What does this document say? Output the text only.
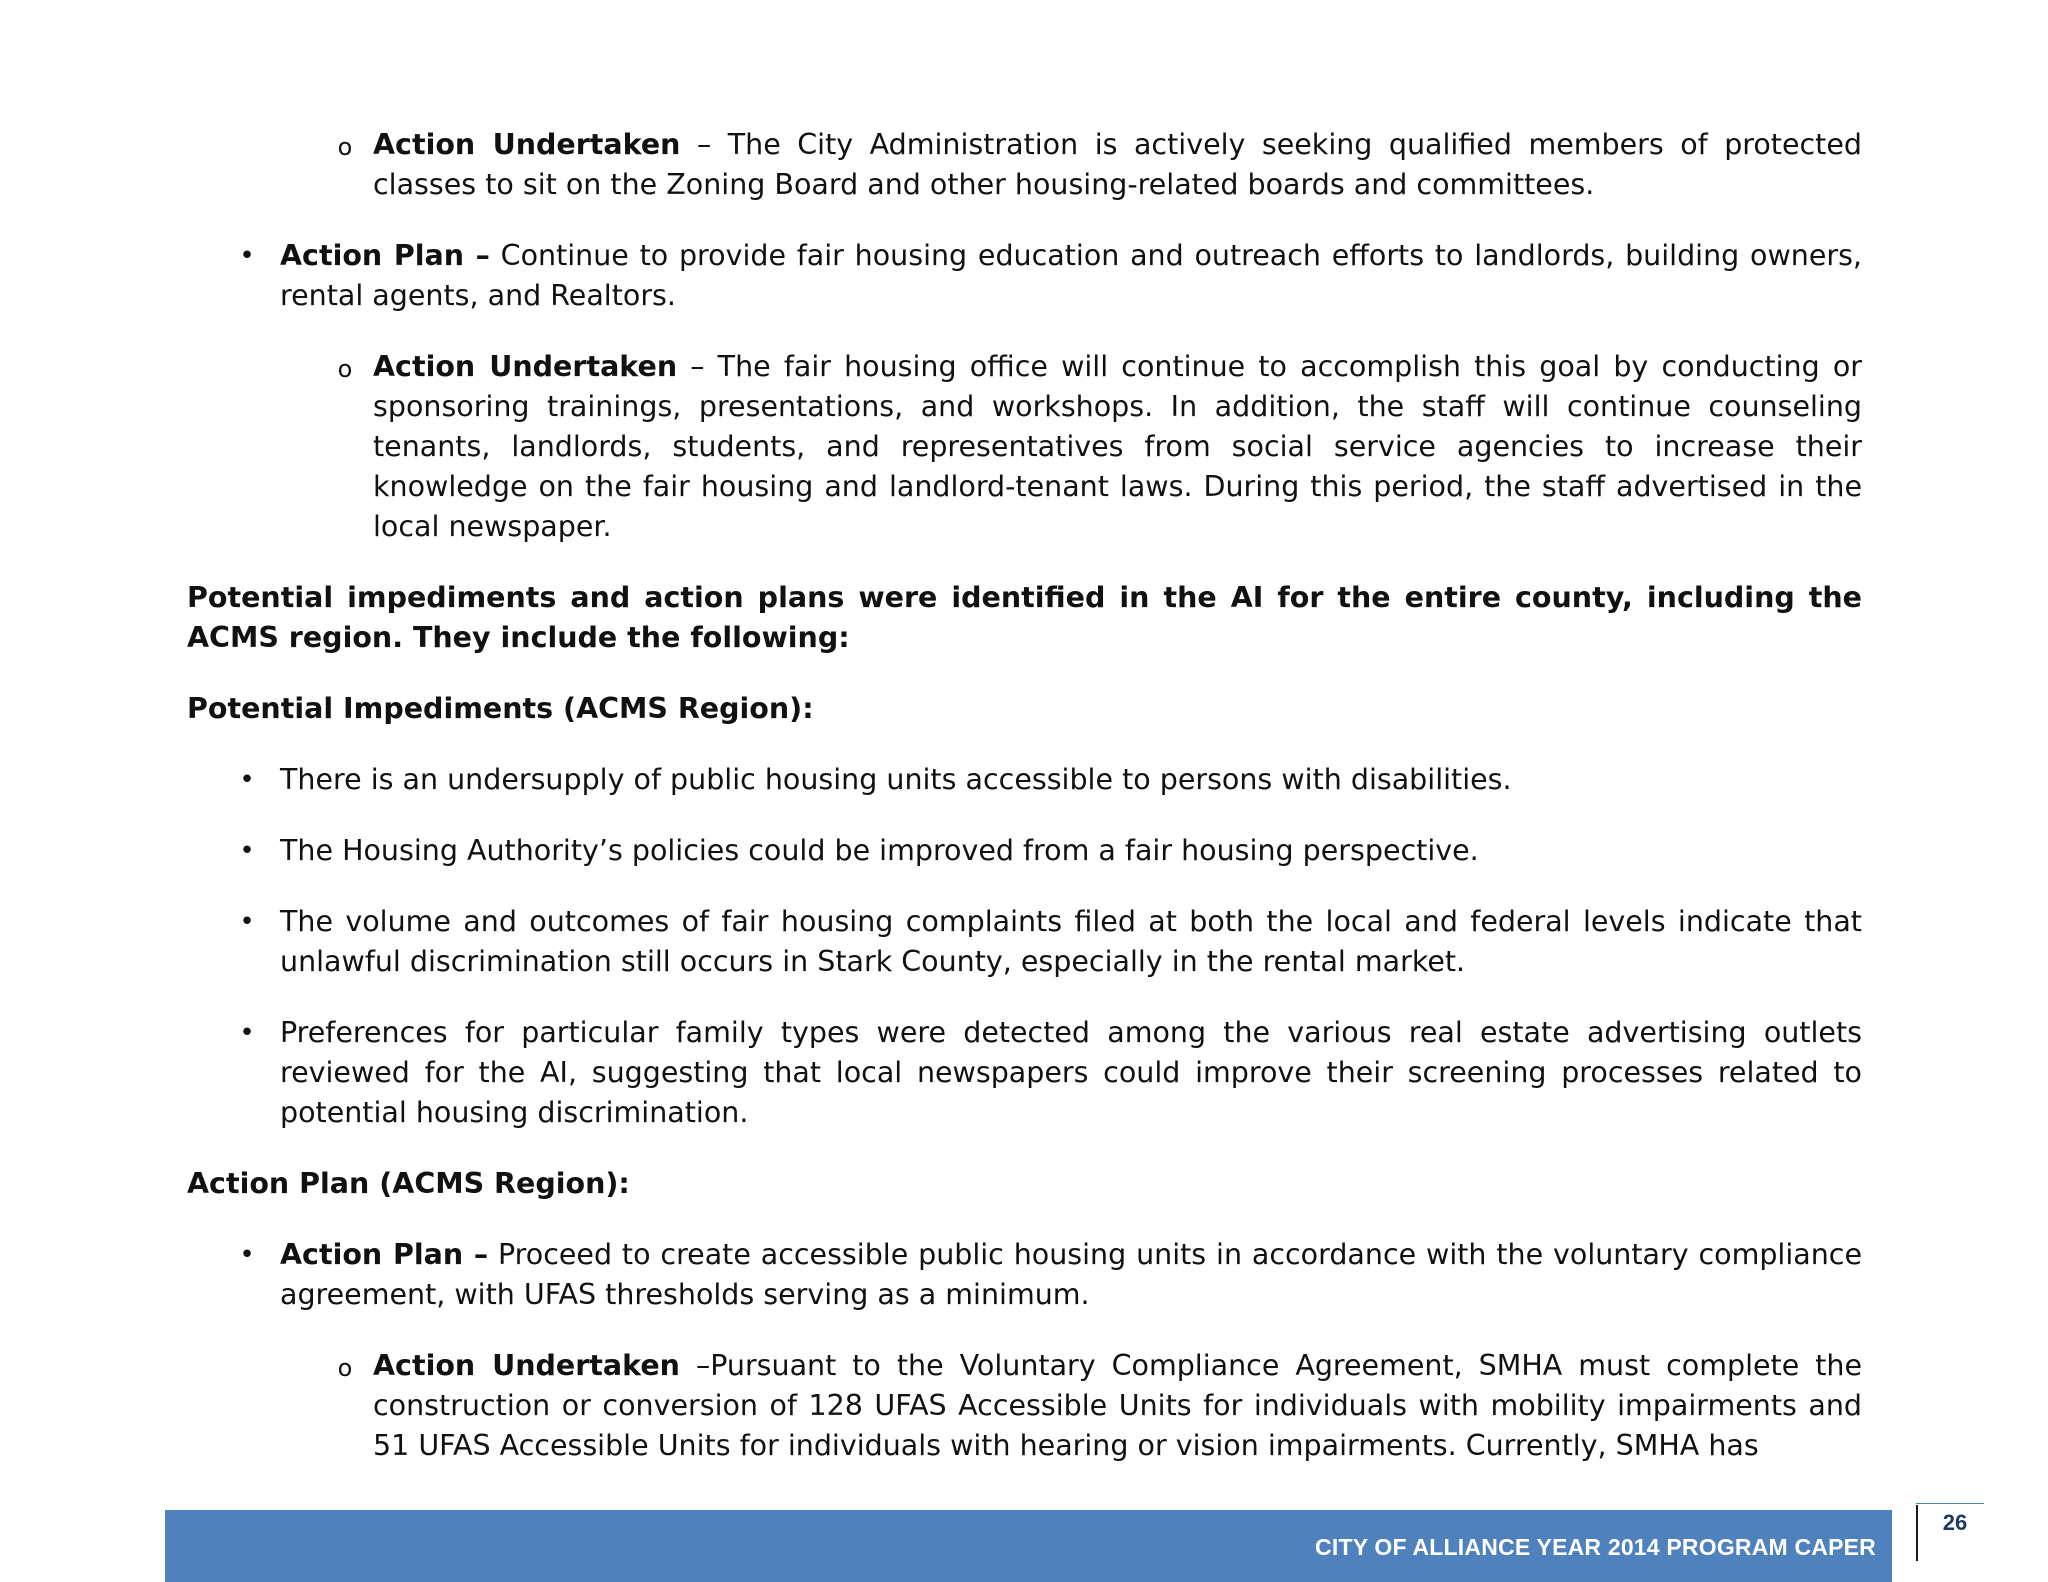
o Action Undertaken – The City Administration is actively seeking qualified members of protected classes to sit on the Zoning Board and other housing-related boards and committees.
• Action Plan – Continue to provide fair housing education and outreach efforts to landlords, building owners, rental agents, and Realtors.
o Action Undertaken – The fair housing office will continue to accomplish this goal by conducting or sponsoring trainings, presentations, and workshops. In addition, the staff will continue counseling tenants, landlords, students, and representatives from social service agencies to increase their knowledge on the fair housing and landlord-tenant laws. During this period, the staff advertised in the local newspaper.
Potential impediments and action plans were identified in the AI for the entire county, including the ACMS region. They include the following:
Potential Impediments (ACMS Region):
• There is an undersupply of public housing units accessible to persons with disabilities.
• The Housing Authority’s policies could be improved from a fair housing perspective.
• The volume and outcomes of fair housing complaints filed at both the local and federal levels indicate that unlawful discrimination still occurs in Stark County, especially in the rental market.
• Preferences for particular family types were detected among the various real estate advertising outlets reviewed for the AI, suggesting that local newspapers could improve their screening processes related to potential housing discrimination.
Action Plan (ACMS Region):
• Action Plan – Proceed to create accessible public housing units in accordance with the voluntary compliance agreement, with UFAS thresholds serving as a minimum.
o Action Undertaken –Pursuant to the Voluntary Compliance Agreement, SMHA must complete the construction or conversion of 128 UFAS Accessible Units for individuals with mobility impairments and 51 UFAS Accessible Units for individuals with hearing or vision impairments. Currently, SMHA has
CITY OF ALLIANCE YEAR 2014 PROGRAM CAPER
26
